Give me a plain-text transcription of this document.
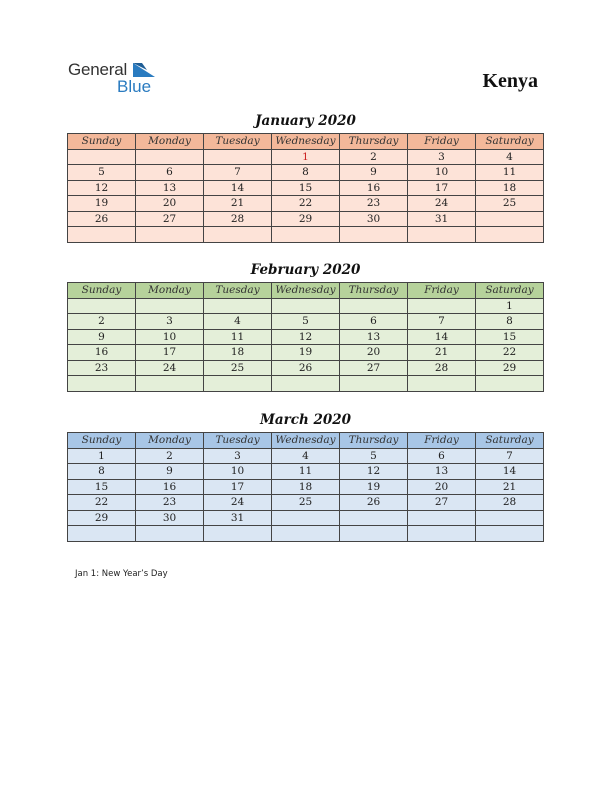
General
Blue	Kenya
January 2020
Sunday	Monday	Tuesday	Wednesday	Thursday	Friday	Saturday
			1	2	3	4
5	6	7	8	9	10	11
12	13	14	15	16	17	18
19	20	21	22	23	24	25
26	27	28	29	30	31	

February 2020
Sunday	Monday	Tuesday	Wednesday	Thursday	Friday	Saturday
						1
2	3	4	5	6	7	8
9	10	11	12	13	14	15
16	17	18	19	20	21	22
23	24	25	26	27	28	29

March 2020
Sunday	Monday	Tuesday	Wednesday	Thursday	Friday	Saturday
1	2	3	4	5	6	7
8	9	10	11	12	13	14
15	16	17	18	19	20	21
22	23	24	25	26	27	28
29	30	31				

Jan 1: New Year’s Day
